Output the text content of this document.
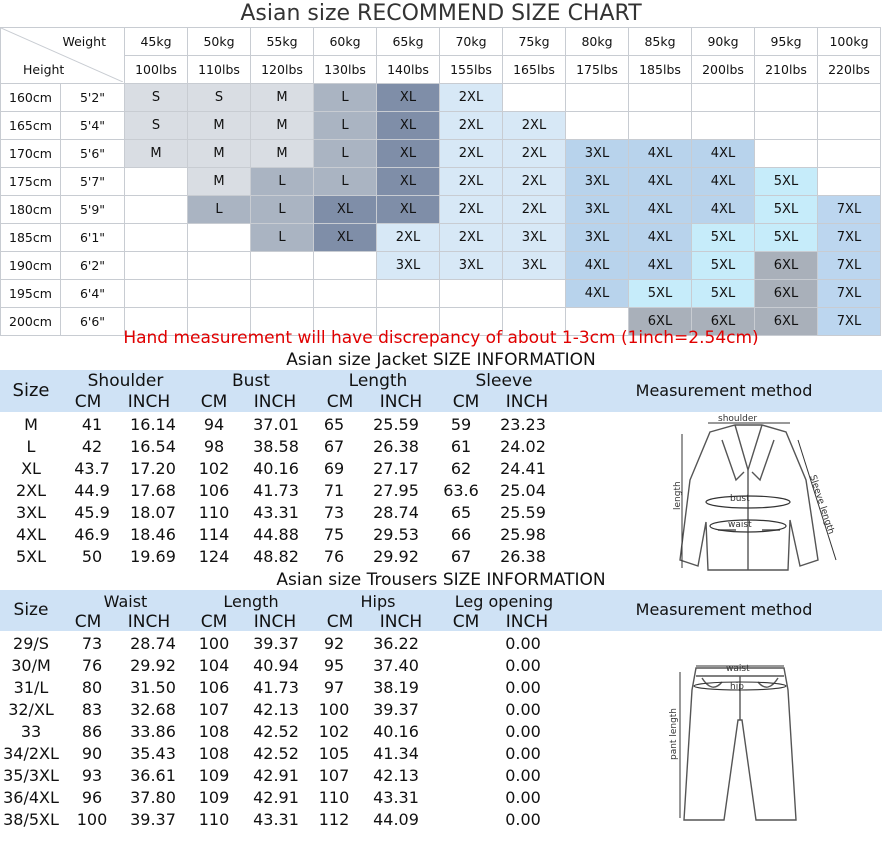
Asian size RECOMMEND SIZE CHART
Weight
Height		45kg	50kg	55kg	60kg	65kg	70kg	75kg	80kg	85kg	90kg	95kg	100kg
		100lbs	110lbs	120lbs	130lbs	140lbs	155lbs	165lbs	175lbs	185lbs	200lbs	210lbs	220lbs
160cm	5'2"	S	S	M	L	XL	2XL						
165cm	5'4"	S	M	M	L	XL	2XL	2XL					
170cm	5'6"	M	M	M	L	XL	2XL	2XL	3XL	4XL	4XL		
175cm	5'7"		M	L	L	XL	2XL	2XL	3XL	4XL	4XL	5XL	
180cm	5'9"		L	L	XL	XL	2XL	2XL	3XL	4XL	4XL	5XL	7XL
185cm	6'1"			L	XL	2XL	2XL	3XL	3XL	4XL	5XL	5XL	7XL
190cm	6'2"					3XL	3XL	3XL	4XL	4XL	5XL	6XL	7XL
195cm	6'4"								4XL	5XL	5XL	6XL	7XL
200cm	6'6"									6XL	6XL	6XL	7XL
Hand measurement will have discrepancy of about 1-3cm (1inch=2.54cm)
Asian size Jacket SIZE INFORMATION
Size	Shoulder	Bust	Length	Sleeve
CM	INCH	CM	INCH	CM	INCH	CM	INCH
Measurement method
M	41	16.14	94	37.01	65	25.59	59	23.23
L	42	16.54	98	38.58	67	26.38	61	24.02
XL	43.7	17.20	102	40.16	69	27.17	62	24.41
2XL	44.9	17.68	106	41.73	71	27.95	63.6	25.04
3XL	45.9	18.07	110	43.31	73	28.74	65	25.59
4XL	46.9	18.46	114	44.88	75	29.53	66	25.98
5XL	50	19.69	124	48.82	76	29.92	67	26.38
shoulder
length	bust
waist	Sleeve length
Asian size Trousers SIZE INFORMATION
Size	Waist	Length	Hips	Leg opening
CM	INCH	CM	INCH	CM	INCH	CM	INCH
Measurement method
29/S	73	28.74	100	39.37	92	36.22		0.00
30/M	76	29.92	104	40.94	95	37.40		0.00
31/L	80	31.50	106	41.73	97	38.19		0.00
32/XL	83	32.68	107	42.13	100	39.37		0.00
33	86	33.86	108	42.52	102	40.16		0.00
34/2XL	90	35.43	108	42.52	105	41.34		0.00
35/3XL	93	36.61	109	42.91	107	42.13		0.00
36/4XL	96	37.80	109	42.91	110	43.31		0.00
38/5XL	100	39.37	110	43.31	112	44.09		0.00
waist
hip
pant length
